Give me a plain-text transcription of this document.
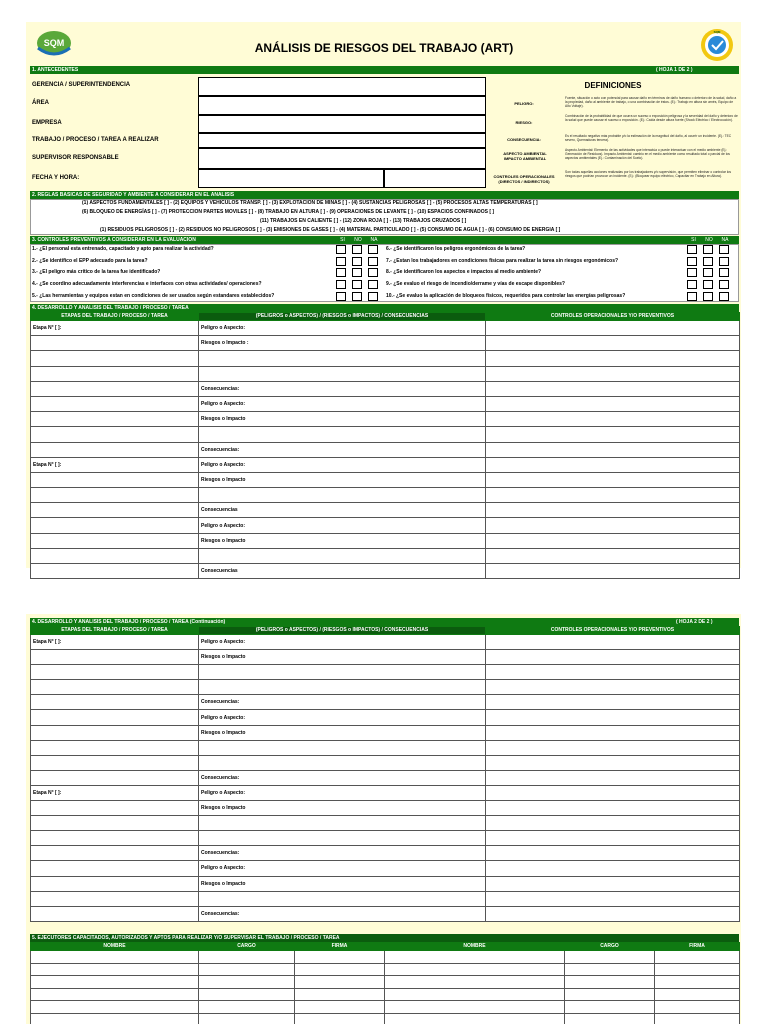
SQM	ANÁLISIS DE RIESGOS DEL TRABAJO (ART)
SQM
1. ANTECEDENTES	( HOJA 1 DE 2 )
GERENCIA / SUPERINTENDENCIA
ÁREA
EMPRESA
TRABAJO / PROCESO / TAREA A REALIZAR
SUPERVISOR RESPONSABLE
FECHA Y HORA:
DEFINICIONES
PELIGRO:
Fuente, situación o acto con potencial para causar daño en términos de daño humano o deterioro de la salud, daño a la propiedad, daño al ambiente de trabajo, o una combinación de éstos. (Ej.: Trabajo en altura sin arnés, Equipo de Alto Voltaje).
RIESGO:
Combinación de la probabilidad de que ocurra un suceso o exposición peligrosa y la severidad del daño y deterioro de la salud que puede causar el suceso o exposición. (Ej.: Caída desde altura fuerte (Shock Eléctrico / Electrocución).
CONSECUENCIA:
Es el resultado negativo más probable y/o la estimación de la magnitud del daño, al ocurrir un incidente. (Ej.: TEC severo, Quemaduras tercera).
ASPECTO AMBIENTAL IMPACTO AMBIENTAL
Aspecto Ambiental: Elemento de las actividades que interactúa o puede interactuar con el medio ambiente (Ej.: Generación de Residuos). Impacto Ambiental: cambio en el medio ambiente como resultado total o parcial de los aspectos ambientales (Ej.: Contaminación del Suelo).
CONTROLES OPERACIONALES (DIRECTOS / INDIRECTOS)
Son todas aquellas acciones realizadas por los trabajadores y/o supervisión, que permiten eliminar o controlar los riesgos que podrían provocar un incidente. (Ej.: (Bloquear equipo eléctrico, Capacitar en Trabajo en Altura).
2. REGLAS BASICAS DE SEGURIDAD Y AMBIENTE A CONSIDERAR EN EL ANALISIS
(1) ASPECTOS FUNDAMENTALES [ ] - (2) EQUIPOS Y VEHICULOS TRANSP. [ ] - (3) EXPLOTACION DE MINAS [ ] - (4) SUSTANCIAS PELIGROSAS [ ] - (5) PROCESOS ALTAS TEMPERATURAS [ ]
(6) BLOQUEO DE ENERGÍAS [ ] - (7) PROTECCION PARTES MOVILES [ ] - (8) TRABAJO EN ALTURA [ ] - (9) OPERACIONES DE LEVANTE [ ] - (10) ESPACIOS CONFINADOS [ ]
(11) TRABAJOS EN CALIENTE [ ] - (12) ZONA ROJA [ ] - (13) TRABAJOS CRUZADOS [ ]
(1) RESIDUOS PELIGROSOS [ ] - (2) RESIDUOS NO PELIGROSOS [ ] - (3) EMISIONES DE GASES [ ] - (4) MATERIAL PARTICULADO [ ] - (5) CONSUMO DE AGUA [ ] - (6) CONSUMO DE ENERGIA [ ]
3. CONTROLES PREVENTIVOS A CONSIDERAR EN LA EVALUACION	SI	NO	NA	SI	NO	NA
1.- ¿El personal esta entrenado, capacitado y apto para realizar la actividad?	6.- ¿Se identificaron los peligros ergonómicos de la tarea?
2.- ¿Se identifico el EPP adecuado para la tarea?	7.- ¿Estan los trabajadores en condiciones físicas para realizar la tarea sin riesgos ergonómicos?
3.- ¿El peligro más crítico de la tarea fue identificado?	8.- ¿Se identificaron los aspectos e impactos al medio ambiente?
4.- ¿Se coordino adecuadamente interferencias e interfaces con otras actividades/ operaciones?	9.- ¿Se evaluo el riesgo de incendio/derrame y vías de escape disponibles?
5.- ¿Las herramientas y equipos estan en condiciones de ser usados según estandares establecidos?	10.- ¿Se evaluo la aplicación de bloqueos físicos, requeridos para controlar las energías peligrosas?
4. DESARROLLO Y ANALISIS DEL TRABAJO / PROCESO / TAREA
ETAPAS DEL TRABAJO / PROCESO / TAREA	(PELIGROS o ASPECTOS) / (RIESGOS o IMPACTOS) / CONSECUENCIAS	CONTROLES OPERACIONALES Y/O PREVENTIVOS
Etapa N° [ ]:	Peligro o Aspecto:	
	Riesgos o Impacto :	

	Consecuencias:	
	Peligro o Aspecto:	
	Riesgos o Impacto	

	Consecuencias:	
Etapa N° [ ]:	Peligro o Aspecto:	
	Riesgos o Impacto	

	Consecuencias	
	Peligro o Aspecto:	
	Riesgos o Impacto	

	Consecuencias	
4. DESARROLLO Y ANALISIS DEL TRABAJO / PROCESO / TAREA (Continuación)	( HOJA 2 DE 2 )
ETAPAS DEL TRABAJO / PROCESO / TAREA	(PELIGROS o ASPECTOS) / (RIESGOS o IMPACTOS) / CONSECUENCIAS	CONTROLES OPERACIONALES Y/O PREVENTIVOS
Etapa N° [ ]:	Peligro o Aspecto:	
	Riesgos o Impacto	

	Consecuencias:	
	Peligro o Aspecto:	
	Riesgos o Impacto	

	Consecuencias:	
Etapa N° [ ]:	Peligro o Aspecto:	
	Riesgos o Impacto	

	Consecuencias:	
	Peligro o Aspecto:	
	Riesgos o Impacto	

	Consecuencias:	
5. EJECUTORES CAPACITADOS, AUTORIZADOS Y APTOS PARA REALIZAR Y/O SUPERVISAR EL TRABAJO / PROCESO / TAREA
NOMBRE	CARGO	FIRMA	NOMBRE	CARGO	FIRMA
